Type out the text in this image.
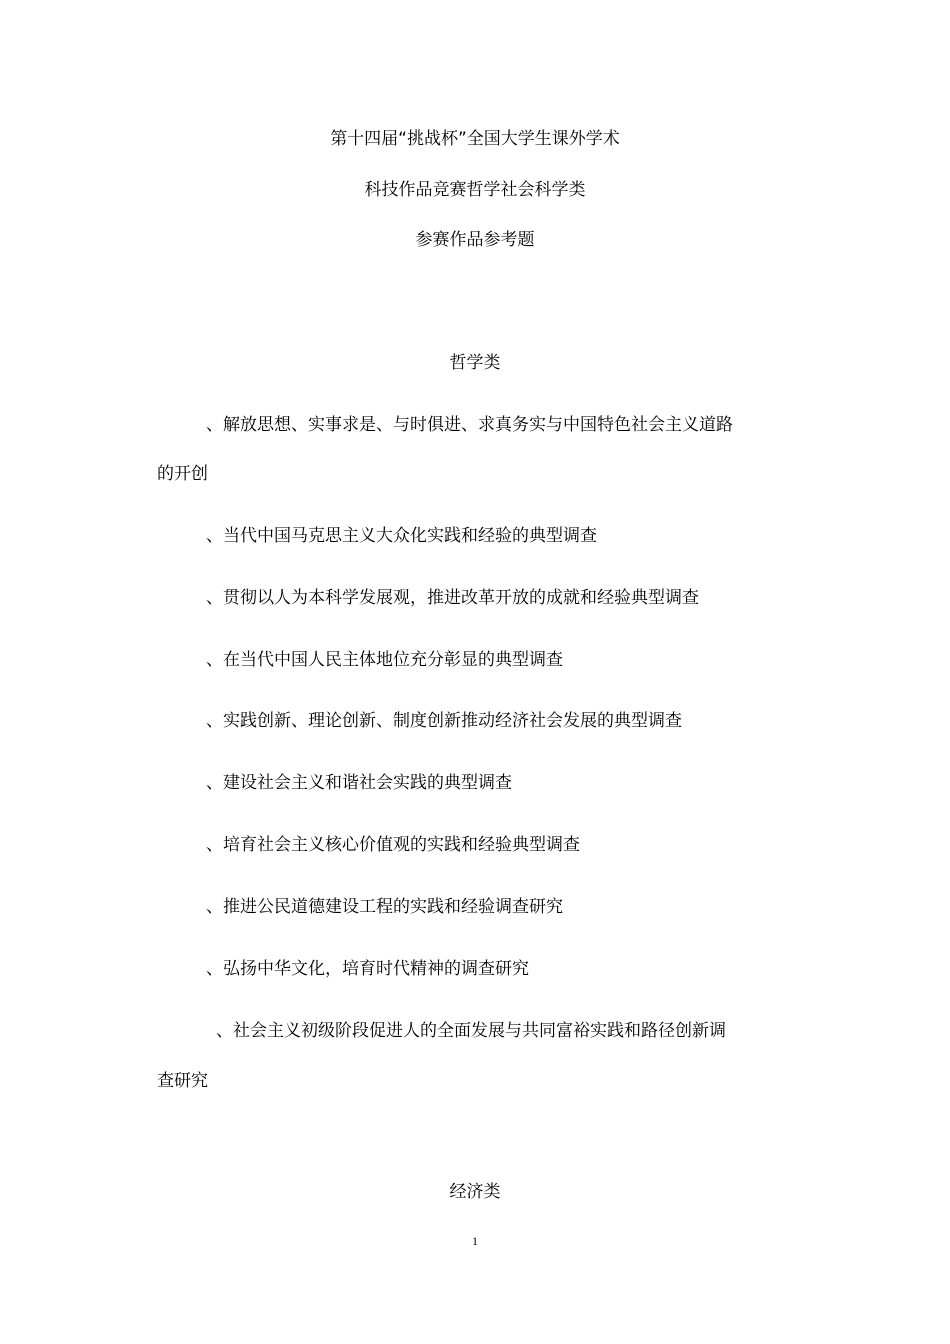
第十四届“挑战杯”全国大学生课外学术
科技作品竞赛哲学社会科学类
参赛作品参考题
哲学类
、解放思想、实事求是、与时俱进、求真务实与中国特色社会主义道路
的开创
、当代中国马克思主义大众化实践和经验的典型调查
、贯彻以人为本科学发展观，推进改革开放的成就和经验典型调查
、在当代中国人民主体地位充分彰显的典型调查
、实践创新、理论创新、制度创新推动经济社会发展的典型调查
、建设社会主义和谐社会实践的典型调查
、培育社会主义核心价值观的实践和经验典型调查
、推进公民道德建设工程的实践和经验调查研究
、弘扬中华文化，培育时代精神的调查研究
、社会主义初级阶段促进人的全面发展与共同富裕实践和路径创新调
查研究
经济类
1
